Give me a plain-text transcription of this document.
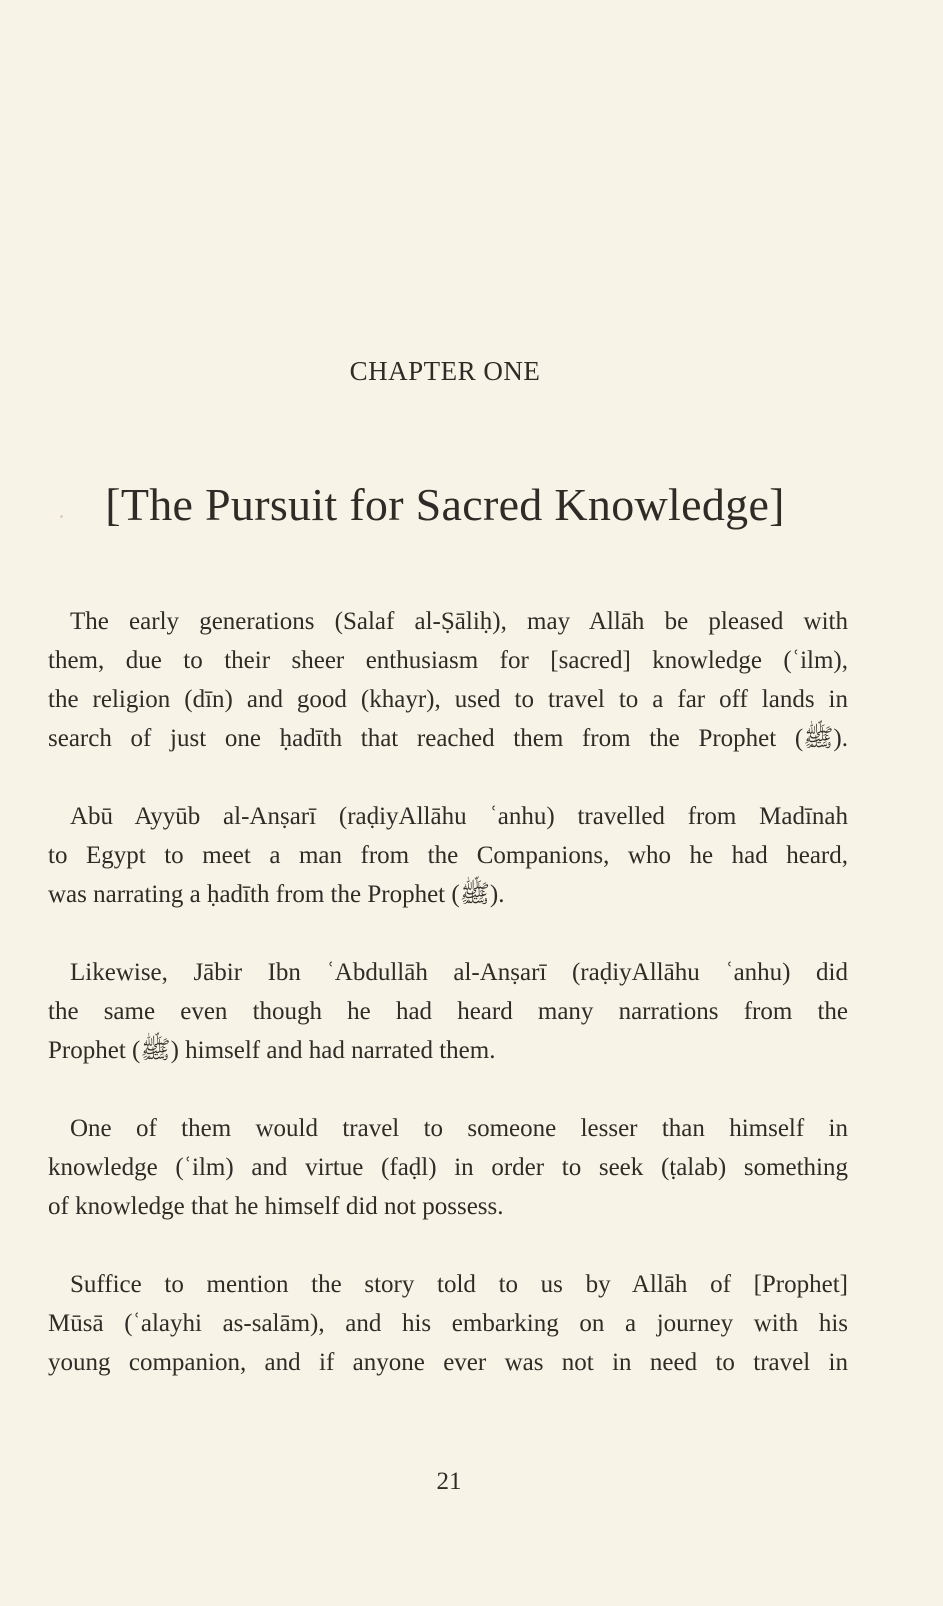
CHAPTER ONE
[The Pursuit for Sacred Knowledge]

The early generations (Salaf al-Ṣāliḥ), may Allāh be pleased with
them, due to their sheer enthusiasm for [sacred] knowledge (ʿilm),
the religion (dīn) and good (khayr), used to travel to a far off lands in
search of just one ḥadīth that reached them from the Prophet (ﷺ).

Abū Ayyūb al-Anṣarī (raḍiyAllāhu ʿanhu) travelled from Madīnah
to Egypt to meet a man from the Companions, who he had heard,
was narrating a ḥadīth from the Prophet (ﷺ).

Likewise, Jābir Ibn ʿAbdullāh al-Anṣarī (raḍiyAllāhu ʿanhu) did
the same even though he had heard many narrations from the
Prophet (ﷺ) himself and had narrated them.

One of them would travel to someone lesser than himself in
knowledge (ʿilm) and virtue (faḍl) in order to seek (ṭalab) something
of knowledge that he himself did not possess.

Suffice to mention the story told to us by Allāh of [Prophet]
Mūsā (ʿalayhi as-salām), and his embarking on a journey with his
young companion, and if anyone ever was not in need to travel in

21
